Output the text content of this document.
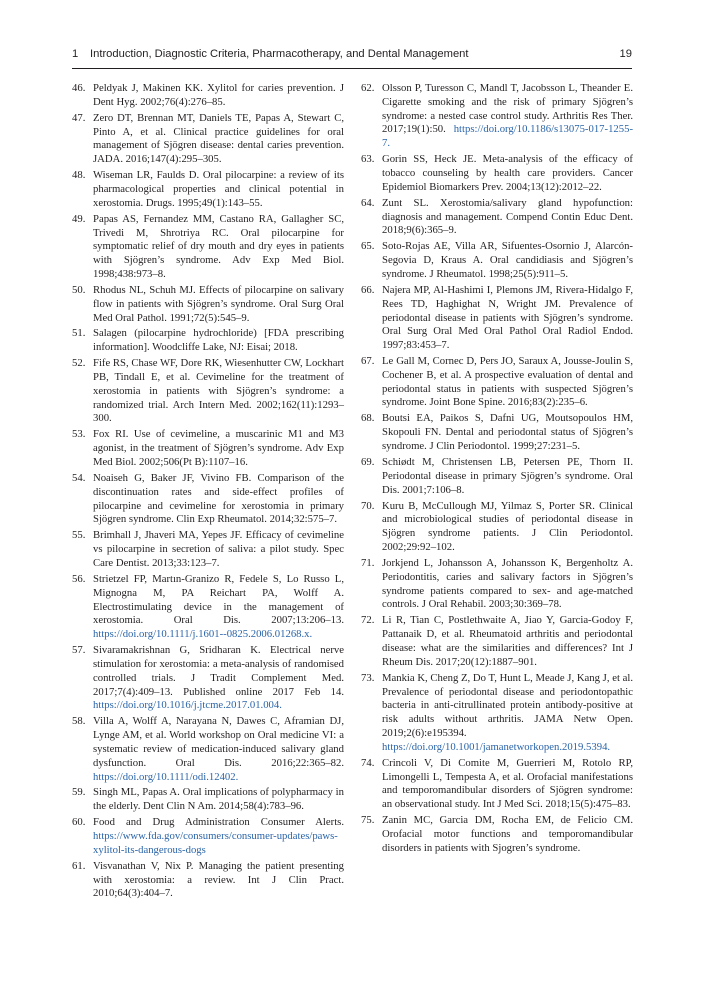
1 Introduction, Diagnostic Criteria, Pharmacotherapy, and Dental Management	19
46. Peldyak J, Makinen KK. Xylitol for caries prevention. J Dent Hyg. 2002;76(4):276–85.
47. Zero DT, Brennan MT, Daniels TE, Papas A, Stewart C, Pinto A, et al. Clinical practice guidelines for oral management of Sjögren disease: dental caries prevention. JADA. 2016;147(4):295–305.
48. Wiseman LR, Faulds D. Oral pilocarpine: a review of its pharmacological properties and clinical potential in xerostomia. Drugs. 1995;49(1):143–55.
49. Papas AS, Fernandez MM, Castano RA, Gallagher SC, Trivedi M, Shrotriya RC. Oral pilocarpine for symptomatic relief of dry mouth and dry eyes in patients with Sjögren’s syndrome. Adv Exp Med Biol. 1998;438:973–8.
50. Rhodus NL, Schuh MJ. Effects of pilocarpine on salivary flow in patients with Sjögren’s syndrome. Oral Surg Oral Med Oral Pathol. 1991;72(5):545–9.
51. Salagen (pilocarpine hydrochloride) [FDA prescribing information]. Woodcliffe Lake, NJ: Eisai; 2018.
52. Fife RS, Chase WF, Dore RK, Wiesenhutter CW, Lockhart PB, Tindall E, et al. Cevimeline for the treatment of xerostomia in patients with Sjögren’s syndrome: a randomized trial. Arch Intern Med. 2002;162(11):1293–300.
53. Fox RI. Use of cevimeline, a muscarinic M1 and M3 agonist, in the treatment of Sjögren’s syndrome. Adv Exp Med Biol. 2002;506(Pt B):1107–16.
54. Noaiseh G, Baker JF, Vivino FB. Comparison of the discontinuation rates and side-effect profiles of pilocarpine and cevimeline for xerostomia in primary Sjögren syndrome. Clin Exp Rheumatol. 2014;32:575–7.
55. Brimhall J, Jhaveri MA, Yepes JF. Efficacy of cevimeline vs pilocarpine in secretion of saliva: a pilot study. Spec Care Dentist. 2013;33:123–7.
56. Strietzel FP, Martın-Granizo R, Fedele S, Lo Russo L, Mignogna M, PA Reichart PA, Wolff A. Electrostimulating device in the management of xerostomia. Oral Dis. 2007;13:206–13. https://doi.org/10.1111/j.1601--0825.2006.01268.x.
57. Sivaramakrishnan G, Sridharan K. Electrical nerve stimulation for xerostomia: a meta-analysis of randomised controlled trials. J Tradit Complement Med. 2017;7(4):409–13. Published online 2017 Feb 14. https://doi.org/10.1016/j.jtcme.2017.01.004.
58. Villa A, Wolff A, Narayana N, Dawes C, Aframian DJ, Lynge AM, et al. World workshop on Oral medicine VI: a systematic review of medication-induced salivary gland dysfunction. Oral Dis. 2016;22:365–82. https://doi.org/10.1111/odi.12402.
59. Singh ML, Papas A. Oral implications of polypharmacy in the elderly. Dent Clin N Am. 2014;58(4):783–96.
60. Food and Drug Administration Consumer Alerts. https://www.fda.gov/consumers/consumer-updates/paws-xylitol-its-dangerous-dogs
61. Visvanathan V, Nix P. Managing the patient presenting with xerostomia: a review. Int J Clin Pract. 2010;64(3):404–7.
62. Olsson P, Turesson C, Mandl T, Jacobsson L, Theander E. Cigarette smoking and the risk of primary Sjögren’s syndrome: a nested case control study. Arthritis Res Ther. 2017;19(1):50. https://doi.org/10.1186/s13075-017-1255-7.
63. Gorin SS, Heck JE. Meta-analysis of the efficacy of tobacco counseling by health care providers. Cancer Epidemiol Biomarkers Prev. 2004;13(12):2012–22.
64. Zunt SL. Xerostomia/salivary gland hypofunction: diagnosis and management. Compend Contin Educ Dent. 2018;9(6):365–9.
65. Soto-Rojas AE, Villa AR, Sifuentes-Osornio J, Alarcón-Segovia D, Kraus A. Oral candidiasis and Sjögren’s syndrome. J Rheumatol. 1998;25(5):911–5.
66. Najera MP, Al-Hashimi I, Plemons JM, Rivera-Hidalgo F, Rees TD, Haghighat N, Wright JM. Prevalence of periodontal disease in patients with Sjögren’s syndrome. Oral Surg Oral Med Oral Pathol Oral Radiol Endod. 1997;83:453–7.
67. Le Gall M, Cornec D, Pers JO, Saraux A, Jousse-Joulin S, Cochener B, et al. A prospective evaluation of dental and periodontal status in patients with suspected Sjögren’s syndrome. Joint Bone Spine. 2016;83(2):235–6.
68. Boutsi EA, Paikos S, Dafni UG, Moutsopoulos HM, Skopouli FN. Dental and periodontal status of Sjögren’s syndrome. J Clin Periodontol. 1999;27:231–5.
69. Schiødt M, Christensen LB, Petersen PE, Thorn II. Periodontal disease in primary Sjögren’s syndrome. Oral Dis. 2001;7:106–8.
70. Kuru B, McCullough MJ, Yilmaz S, Porter SR. Clinical and microbiological studies of periodontal disease in Sjögren syndrome patients. J Clin Periodontol. 2002;29:92–102.
71. Jorkjend L, Johansson A, Johansson K, Bergenholtz A. Periodontitis, caries and salivary factors in Sjögren’s syndrome patients compared to sex- and age-matched controls. J Oral Rehabil. 2003;30:369–78.
72. Li R, Tian C, Postlethwaite A, Jiao Y, Garcia-Godoy F, Pattanaik D, et al. Rheumatoid arthritis and periodontal disease: what are the similarities and differences? Int J Rheum Dis. 2017;20(12):1887–901.
73. Mankia K, Cheng Z, Do T, Hunt L, Meade J, Kang J, et al. Prevalence of periodontal disease and periodontopathic bacteria in anti-citrullinated protein antibody-positive at risk adults without arthritis. JAMA Netw Open. 2019;2(6):e195394. https://doi.org/10.1001/jamanetworkopen.2019.5394.
74. Crincoli V, Di Comite M, Guerrieri M, Rotolo RP, Limongelli L, Tempesta A, et al. Orofacial manifestations and temporomandibular disorders of Sjögren syndrome: an observational study. Int J Med Sci. 2018;15(5):475–83.
75. Zanin MC, Garcia DM, Rocha EM, de Felicio CM. Orofacial motor functions and temporomandibular disorders in patients with Sjogren’s syndrome.
